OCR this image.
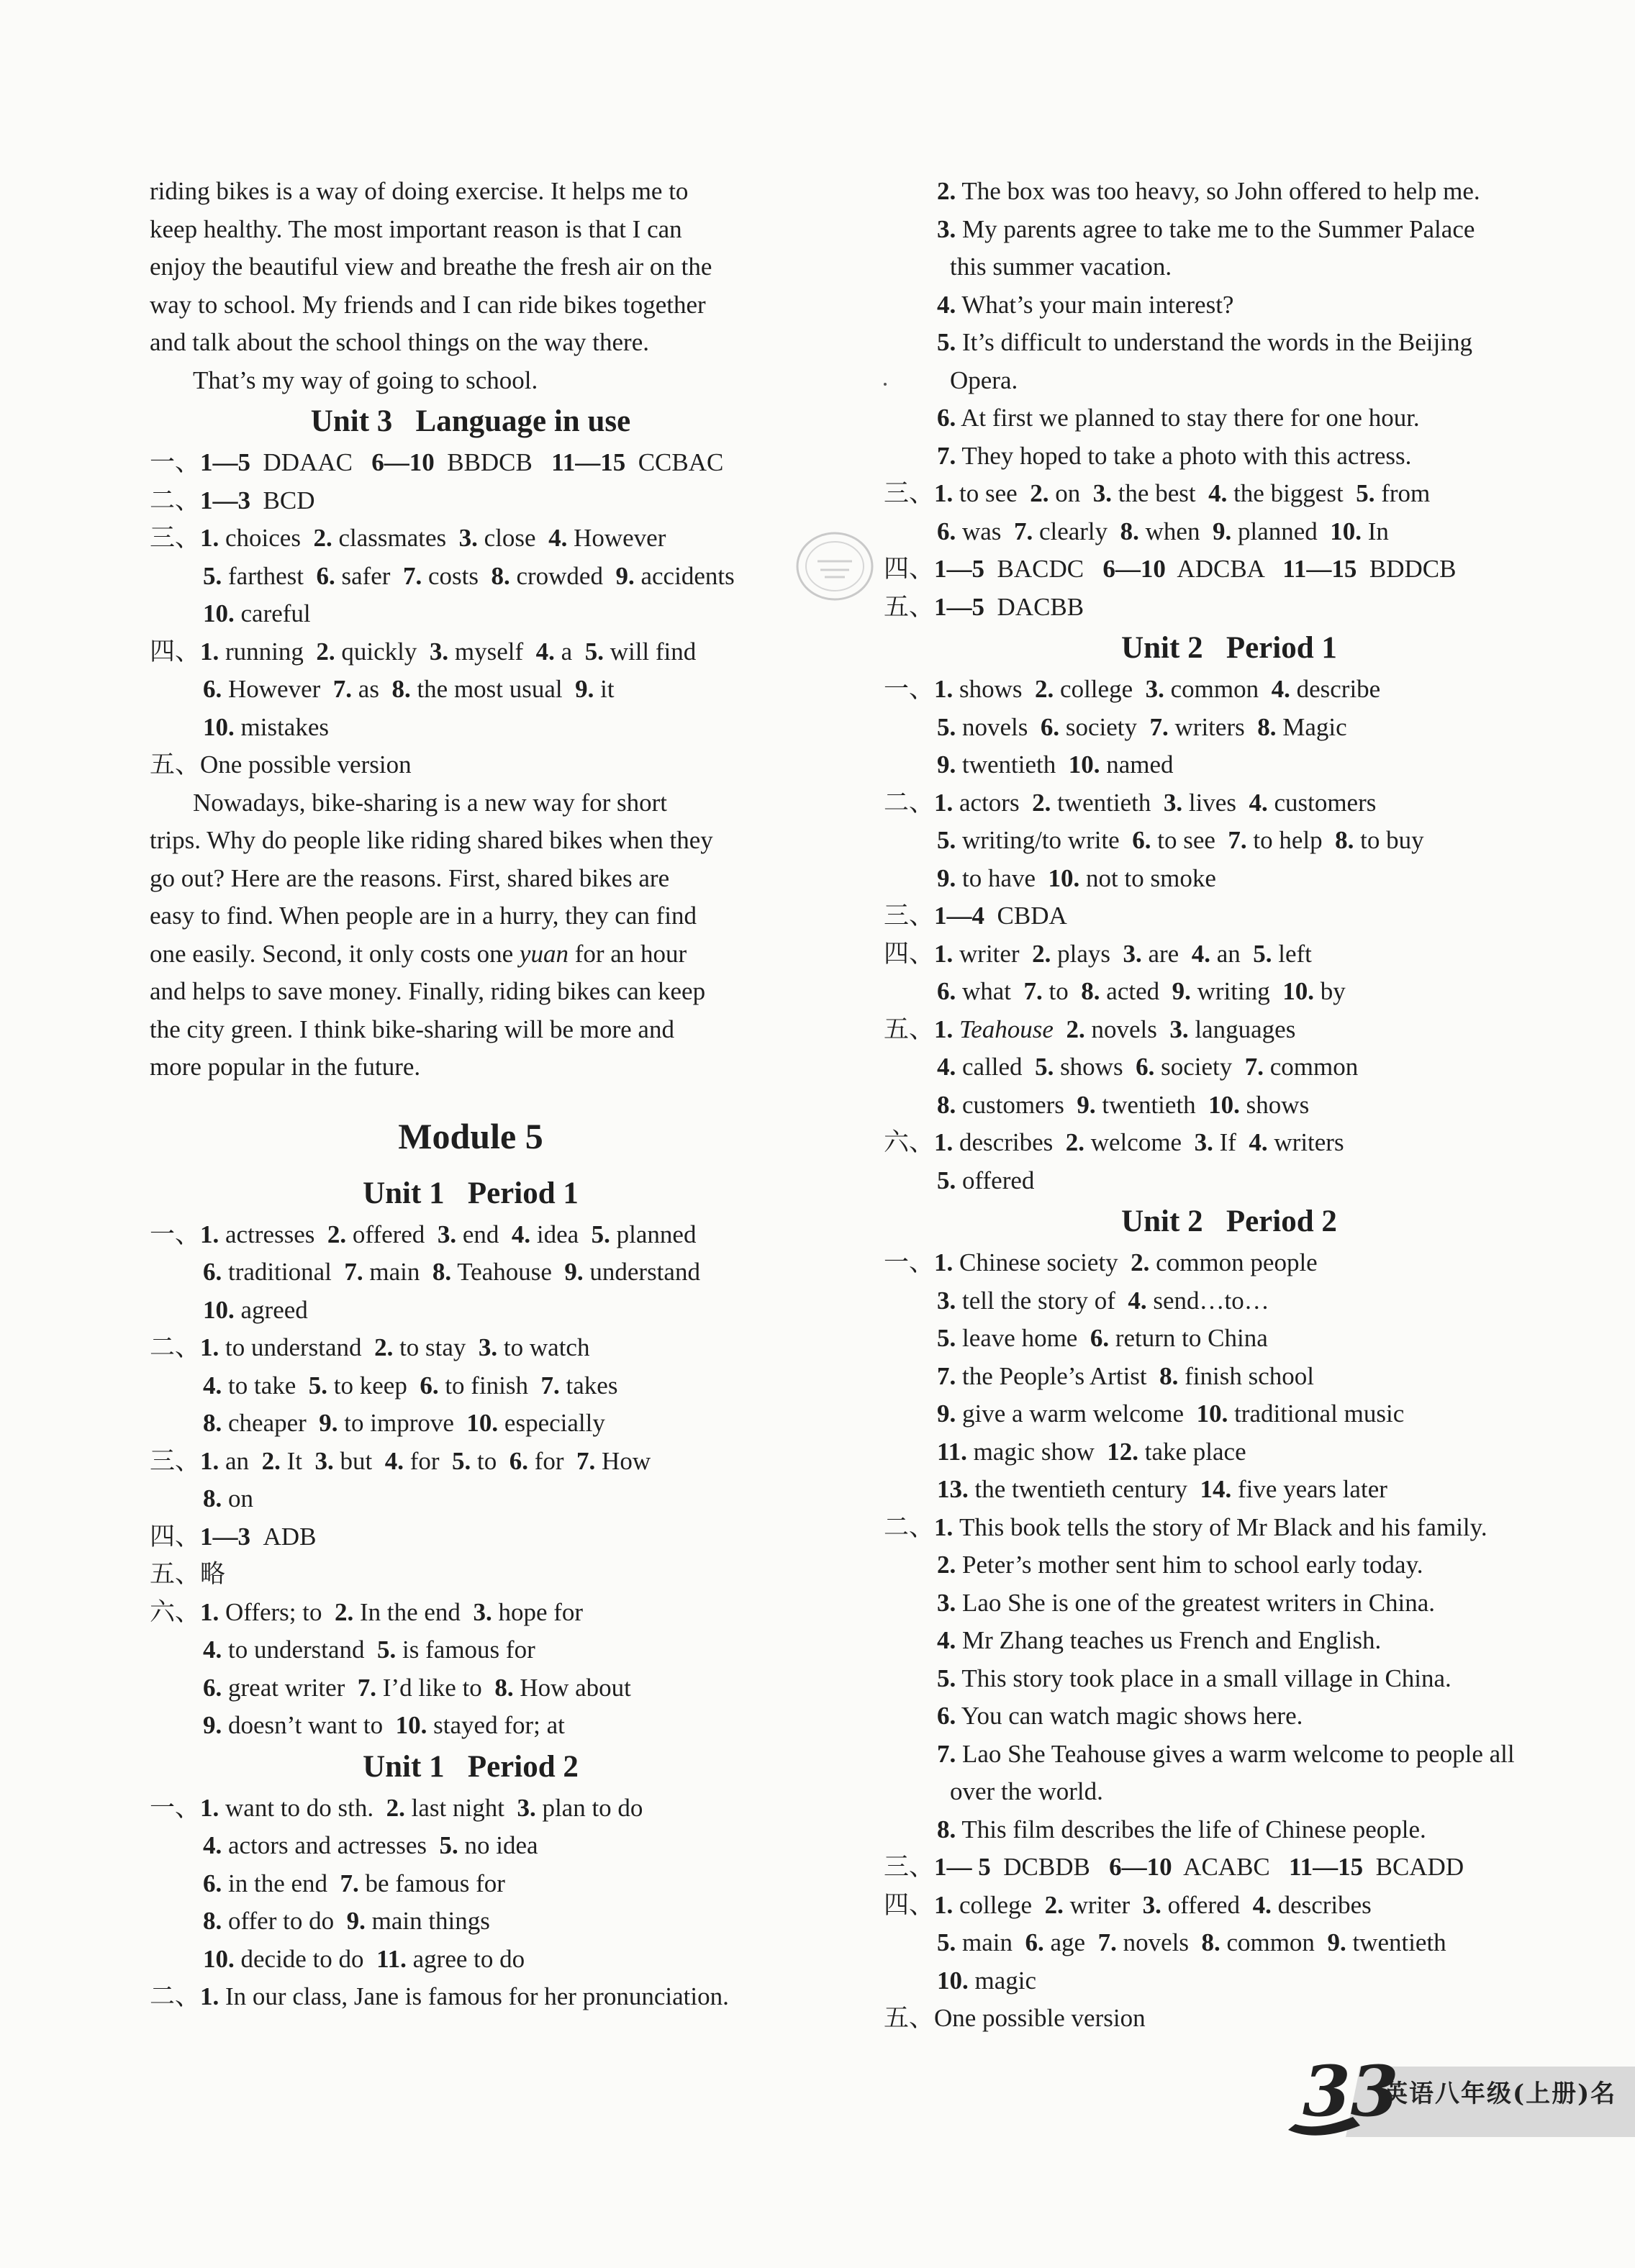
riding bikes is a way of doing exercise. It helps me to
keep healthy. The most important reason is that I can
enjoy the beautiful view and breathe the fresh air on the
way to school. My friends and I can ride bikes together
and talk about the school things on the way there.
That’s my way of going to school.
Unit 3   Language in use
一、1—5  DDAAC   6—10  BBDCB   11—15  CCBAC
二、1—3  BCD
三、1. choices  2. classmates  3. close  4. However
5. farthest  6. safer  7. costs  8. crowded  9. accidents
10. careful
四、1. running  2. quickly  3. myself  4. a  5. will find
6. However  7. as  8. the most usual  9. it
10. mistakes
五、One possible version
Nowadays, bike-sharing is a new way for short
trips. Why do people like riding shared bikes when they
go out? Here are the reasons. First, shared bikes are
easy to find. When people are in a hurry, they can find
one easily. Second, it only costs one yuan for an hour
and helps to save money. Finally, riding bikes can keep
the city green. I think bike-sharing will be more and
more popular in the future.
Module 5
Unit 1   Period 1
一、1. actresses  2. offered  3. end  4. idea  5. planned
6. traditional  7. main  8. Teahouse  9. understand
10. agreed
二、1. to understand  2. to stay  3. to watch
4. to take  5. to keep  6. to finish  7. takes
8. cheaper  9. to improve  10. especially
三、1. an  2. It  3. but  4. for  5. to  6. for  7. How
8. on
四、1—3  ADB
五、略
六、1. Offers; to  2. In the end  3. hope for
4. to understand  5. is famous for
6. great writer  7. I’d like to  8. How about
9. doesn’t want to  10. stayed for; at
Unit 1   Period 2
一、1. want to do sth.  2. last night  3. plan to do
4. actors and actresses  5. no idea
6. in the end  7. be famous for
8. offer to do  9. main things
10. decide to do  11. agree to do
二、1. In our class, Jane is famous for her pronunciation.
2. The box was too heavy, so John offered to help me.
3. My parents agree to take me to the Summer Palace
this summer vacation.
4. What’s your main interest?
5. It’s difficult to understand the words in the Beijing
Opera.
6. At first we planned to stay there for one hour.
7. They hoped to take a photo with this actress.
三、1. to see  2. on  3. the best  4. the biggest  5. from
6. was  7. clearly  8. when  9. planned  10. In
四、1—5  BACDC   6—10  ADCBA   11—15  BDDCB
五、1—5  DACBB
Unit 2   Period 1
一、1. shows  2. college  3. common  4. describe
5. novels  6. society  7. writers  8. Magic
9. twentieth  10. named
二、1. actors  2. twentieth  3. lives  4. customers
5. writing/to write  6. to see  7. to help  8. to buy
9. to have  10. not to smoke
三、1—4  CBDA
四、1. writer  2. plays  3. are  4. an  5. left
6. what  7. to  8. acted  9. writing  10. by
五、1. Teahouse 2. novels  3. languages
4. called  5. shows  6. society  7. common
8. customers  9. twentieth  10. shows
六、1. describes  2. welcome  3. If  4. writers
5. offered
Unit 2   Period 2
一、1. Chinese society  2. common people
3. tell the story of  4. send…to…
5. leave home  6. return to China
7. the People’s Artist  8. finish school
9. give a warm welcome  10. traditional music
11. magic show  12. take place
13. the twentieth century  14. five years later
二、1. This book tells the story of Mr Black and his family.
2. Peter’s mother sent him to school early today.
3. Lao She is one of the greatest writers in China.
4. Mr Zhang teaches us French and English.
5. This story took place in a small village in China.
6. You can watch magic shows here.
7. Lao She Teahouse gives a warm welcome to people all
over the world.
8. This film describes the life of Chinese people.
三、1— 5  DCBDB   6—10  ACABC   11—15  BCADD
四、1. college  2. writer  3. offered  4. describes
5. main  6. age  7. novels  8. common  9. twentieth
10. magic
五、One possible version
33
英语八年级(上册)名
